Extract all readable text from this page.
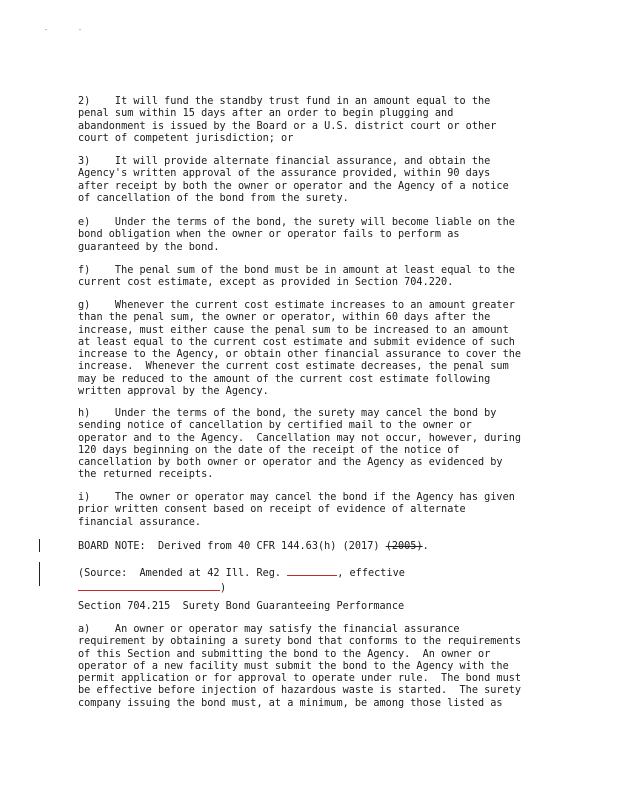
2)    It will fund the standby trust fund in an amount equal to the
penal sum within 15 days after an order to begin plugging and
abandonment is issued by the Board or a U.S. district court or other
court of competent jurisdiction; or
3)    It will provide alternate financial assurance, and obtain the
Agency's written approval of the assurance provided, within 90 days
after receipt by both the owner or operator and the Agency of a notice
of cancellation of the bond from the surety.
e)    Under the terms of the bond, the surety will become liable on the
bond obligation when the owner or operator fails to perform as
guaranteed by the bond.
f)    The penal sum of the bond must be in amount at least equal to the
current cost estimate, except as provided in Section 704.220.
g)    Whenever the current cost estimate increases to an amount greater
than the penal sum, the owner or operator, within 60 days after the
increase, must either cause the penal sum to be increased to an amount
at least equal to the current cost estimate and submit evidence of such
increase to the Agency, or obtain other financial assurance to cover the
increase.  Whenever the current cost estimate decreases, the penal sum
may be reduced to the amount of the current cost estimate following
written approval by the Agency.
h)    Under the terms of the bond, the surety may cancel the bond by
sending notice of cancellation by certified mail to the owner or
operator and to the Agency.  Cancellation may not occur, however, during
120 days beginning on the date of the receipt of the notice of
cancellation by both owner or operator and the Agency as evidenced by
the returned receipts.
i)    The owner or operator may cancel the bond if the Agency has given
prior written consent based on receipt of evidence of alternate
financial assurance.
BOARD NOTE:  Derived from 40 CFR 144.63(h) (2017) (2005).
(Source:  Amended at 42 Ill. Reg.	, effective
)
Section 704.215  Surety Bond Guaranteeing Performance
a)    An owner or operator may satisfy the financial assurance
requirement by obtaining a surety bond that conforms to the requirements
of this Section and submitting the bond to the Agency.  An owner or
operator of a new facility must submit the bond to the Agency with the
permit application or for approval to operate under rule.  The bond must
be effective before injection of hazardous waste is started.  The surety
company issuing the bond must, at a minimum, be among those listed as
